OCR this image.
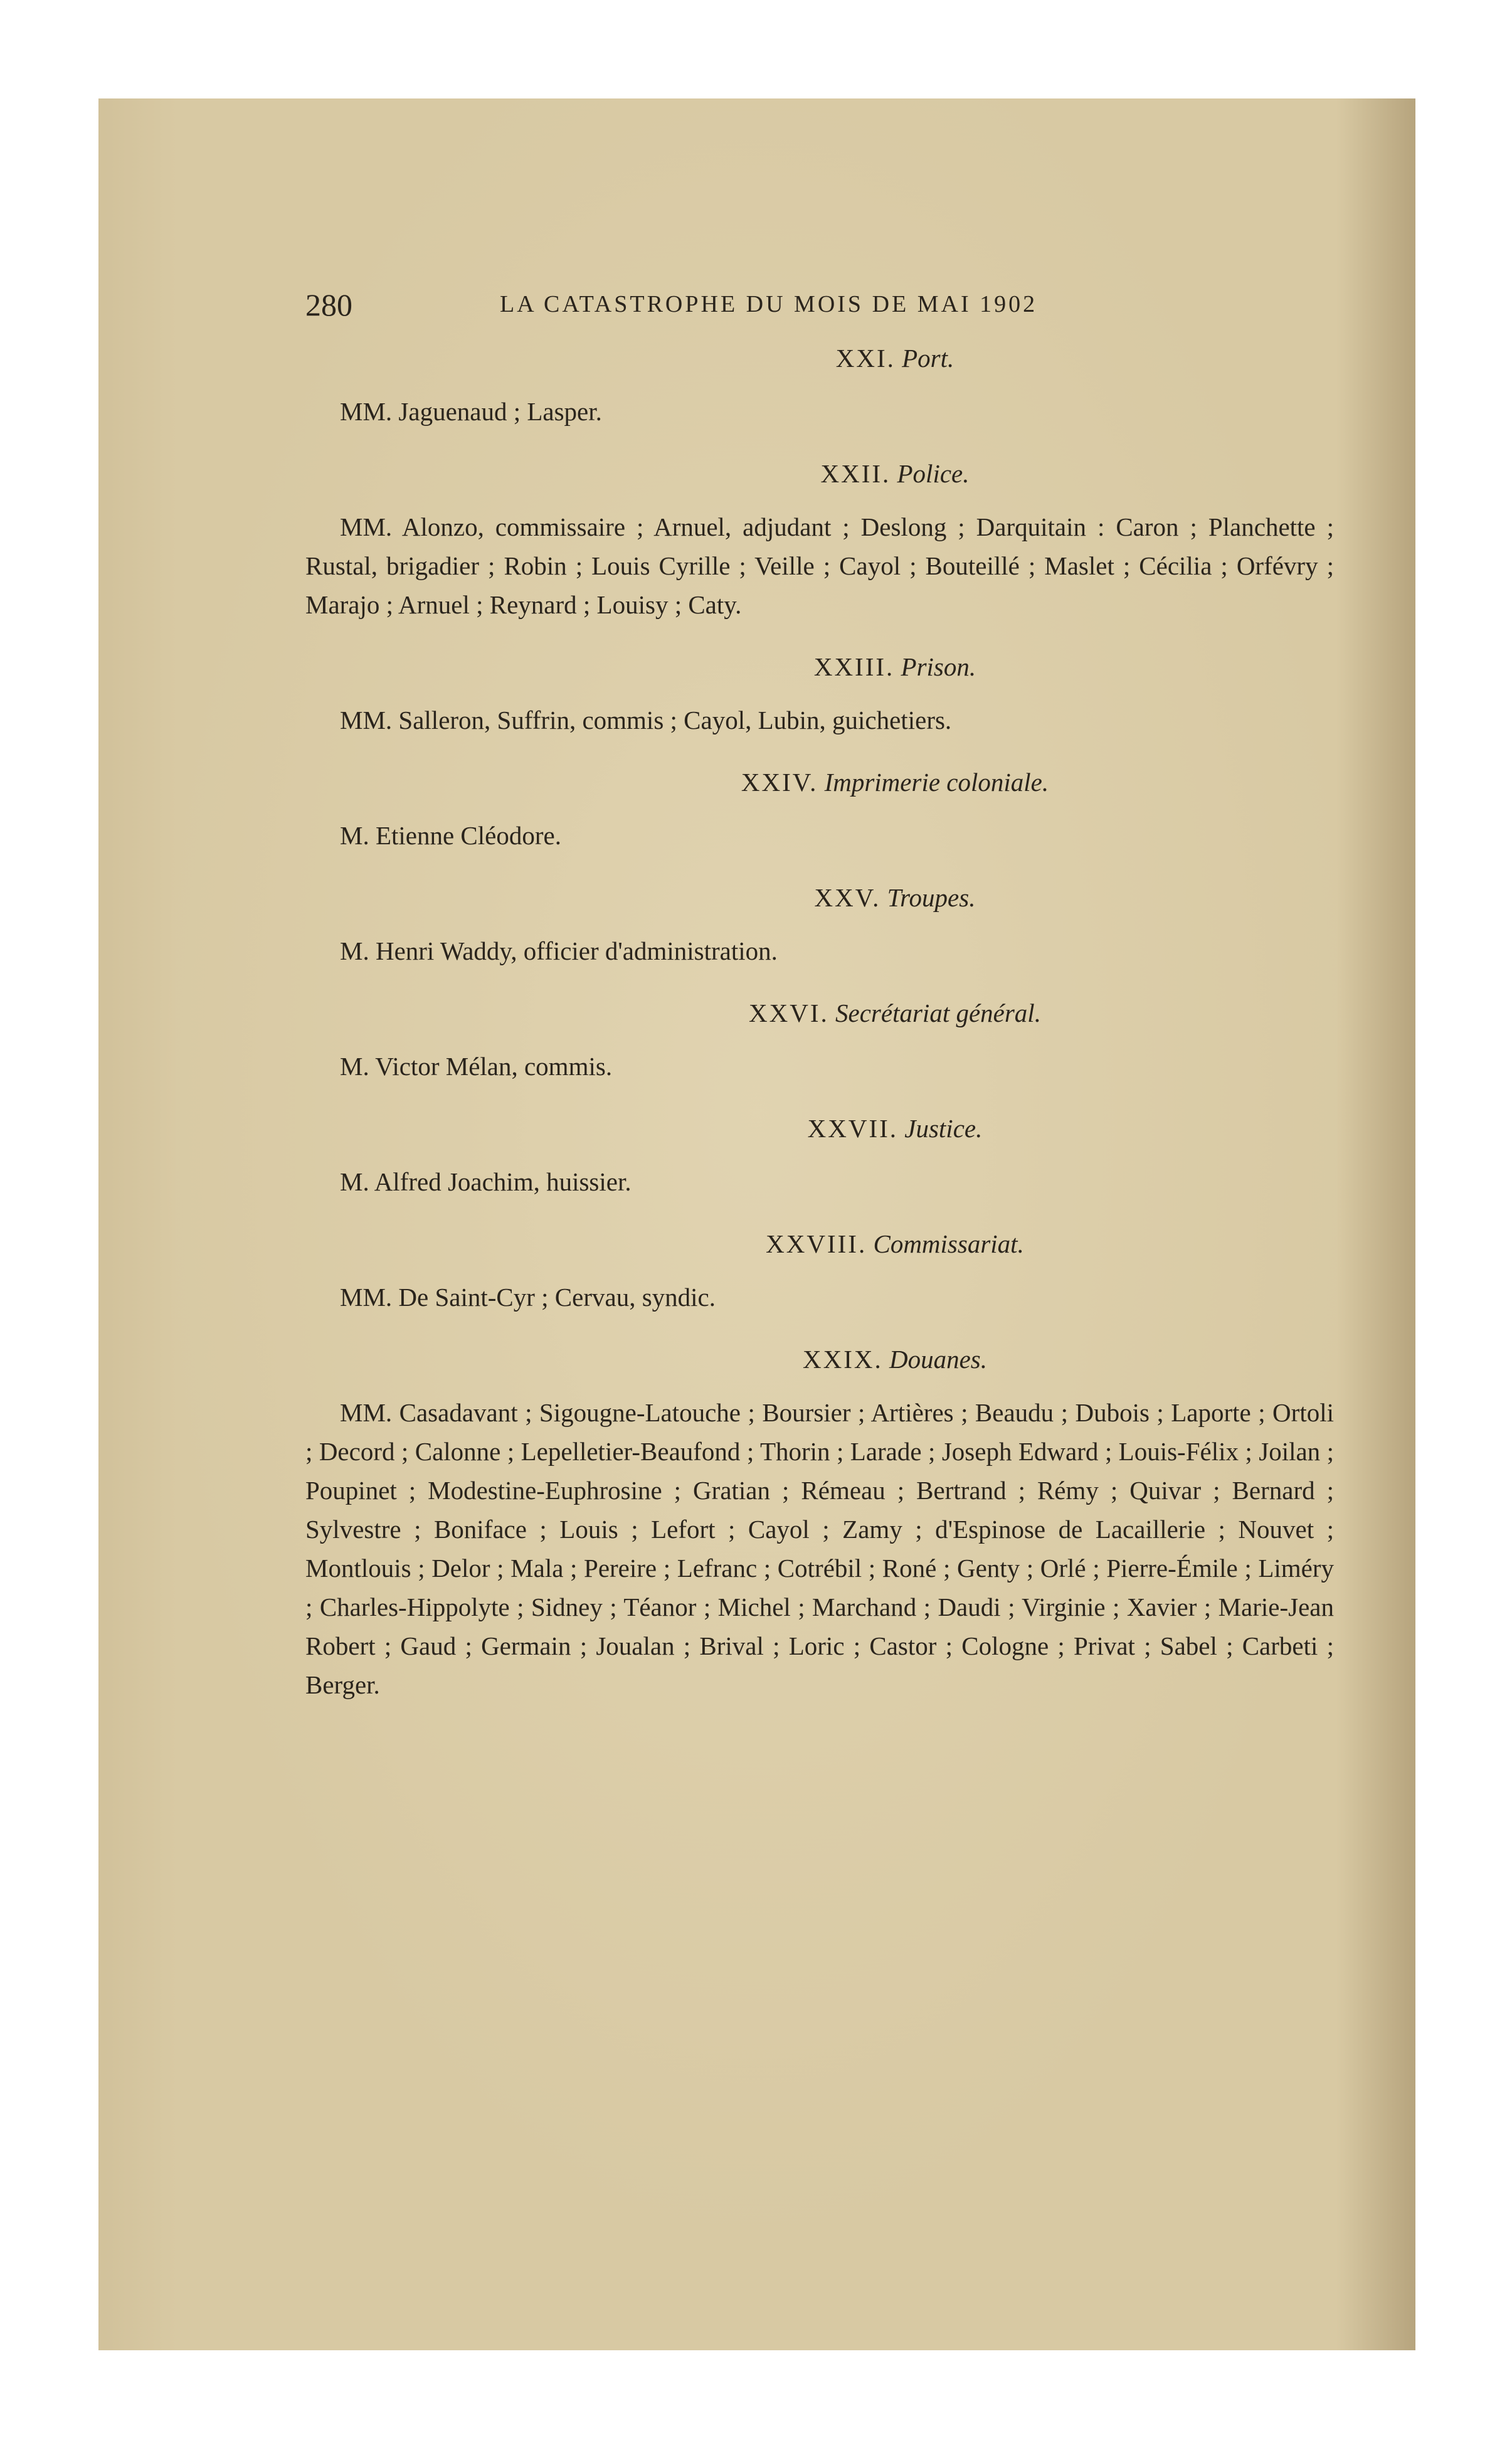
280	LA CATASTROPHE DU MOIS DE MAI 1902
XXI. Port.

MM. Jaguenaud ; Lasper.

XXII. Police.

MM. Alonzo, commissaire ; Arnuel, adjudant ; Deslong ; Darquitain : Caron ; Planchette ; Rustal, brigadier ; Robin ; Louis Cyrille ; Veille ; Cayol ; Bouteillé ; Maslet ; Cécilia ; Orfévry ; Marajo ; Arnuel ; Reynard ; Louisy ; Caty.

XXIII. Prison.

MM. Salleron, Suffrin, commis ; Cayol, Lubin, guichetiers.

XXIV. Imprimerie coloniale.

M. Etienne Cléodore.

XXV. Troupes.

M. Henri Waddy, officier d'administration.

XXVI. Secrétariat général.

M. Victor Mélan, commis.

XXVII. Justice.

M. Alfred Joachim, huissier.

XXVIII. Commissariat.

MM. De Saint-Cyr ; Cervau, syndic.

XXIX. Douanes.

MM. Casadavant ; Sigougne-Latouche ; Boursier ; Artières ; Beaudu ; Dubois ; Laporte ; Ortoli ; Decord ; Calonne ; Lepelletier-Beaufond ; Thorin ; Larade ; Joseph Edward ; Louis-Félix ; Joilan ; Poupinet ; Modestine-Euphrosine ; Gratian ; Rémeau ; Bertrand ; Rémy ; Quivar ; Bernard ; Sylvestre ; Boniface ; Louis ; Lefort ; Cayol ; Zamy ; d'Espinose de Lacaillerie ; Nouvet ; Montlouis ; Delor ; Mala ; Pereire ; Lefranc ; Cotrébil ; Roné ; Genty ; Orlé ; Pierre-Émile ; Liméry ; Charles-Hippolyte ; Sidney ; Téanor ; Michel ; Marchand ; Daudi ; Virginie ; Xavier ; Marie-Jean Robert ; Gaud ; Germain ; Joualan ; Brival ; Loric ; Castor ; Cologne ; Privat ; Sabel ; Carbeti ; Berger.
